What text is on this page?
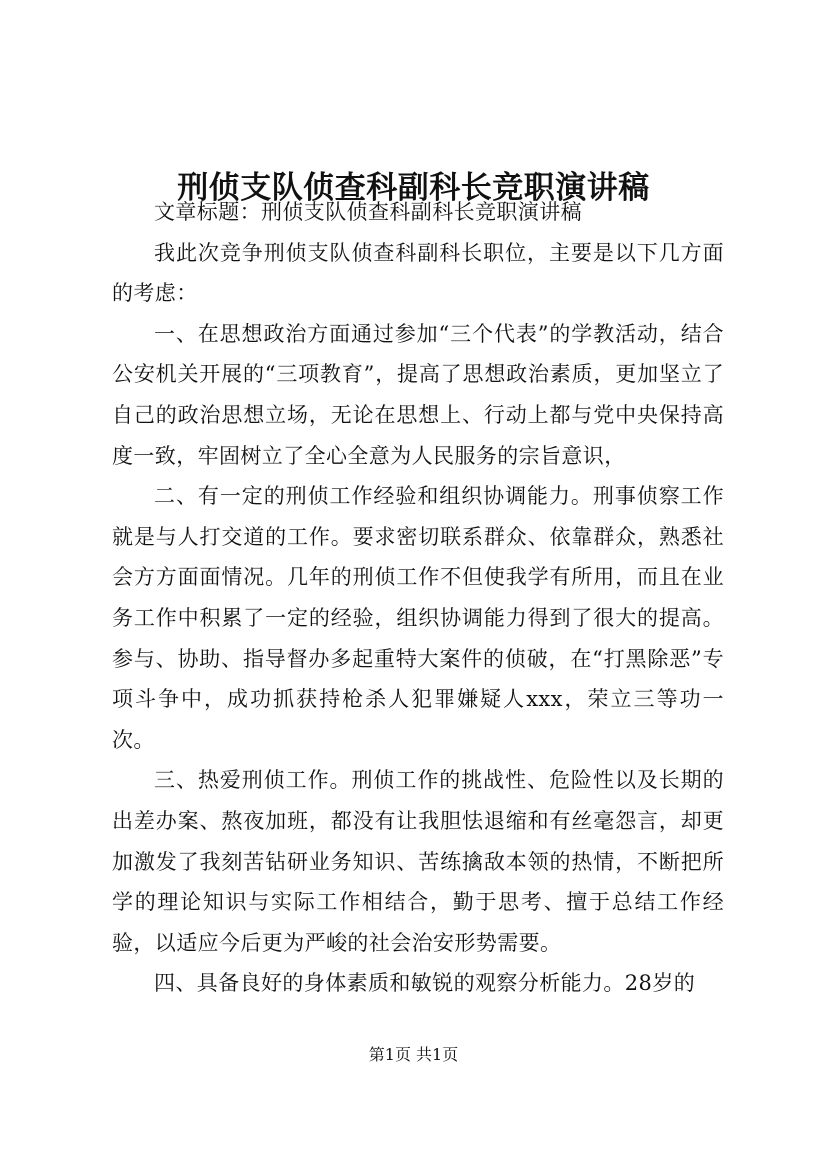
刑侦支队侦查科副科长竞职演讲稿

文章标题：刑侦支队侦查科副科长竞职演讲稿

我此次竞争刑侦支队侦查科副科长职位，主要是以下几方面的考虑：

一、在思想政治方面通过参加“三个代表”的学教活动，结合公安机关开展的“三项教育”，提高了思想政治素质，更加坚立了自己的政治思想立场，无论在思想上、行动上都与党中央保持高度一致，牢固树立了全心全意为人民服务的宗旨意识，

二、有一定的刑侦工作经验和组织协调能力。刑事侦察工作就是与人打交道的工作。要求密切联系群众、依靠群众，熟悉社会方方面面情况。几年的刑侦工作不但使我学有所用，而且在业务工作中积累了一定的经验，组织协调能力得到了很大的提高。参与、协助、指导督办多起重特大案件的侦破，在“打黑除恶”专项斗争中，成功抓获持枪杀人犯罪嫌疑人xxx，荣立三等功一次。

三、热爱刑侦工作。刑侦工作的挑战性、危险性以及长期的出差办案、熬夜加班，都没有让我胆怯退缩和有丝毫怨言，却更加激发了我刻苦钻研业务知识、苦练擒敌本领的热情，不断把所学的理论知识与实际工作相结合，勤于思考、擅于总结工作经验，以适应今后更为严峻的社会治安形势需要。

四、具备良好的身体素质和敏锐的观察分析能力。28岁的

第1页 共1页
